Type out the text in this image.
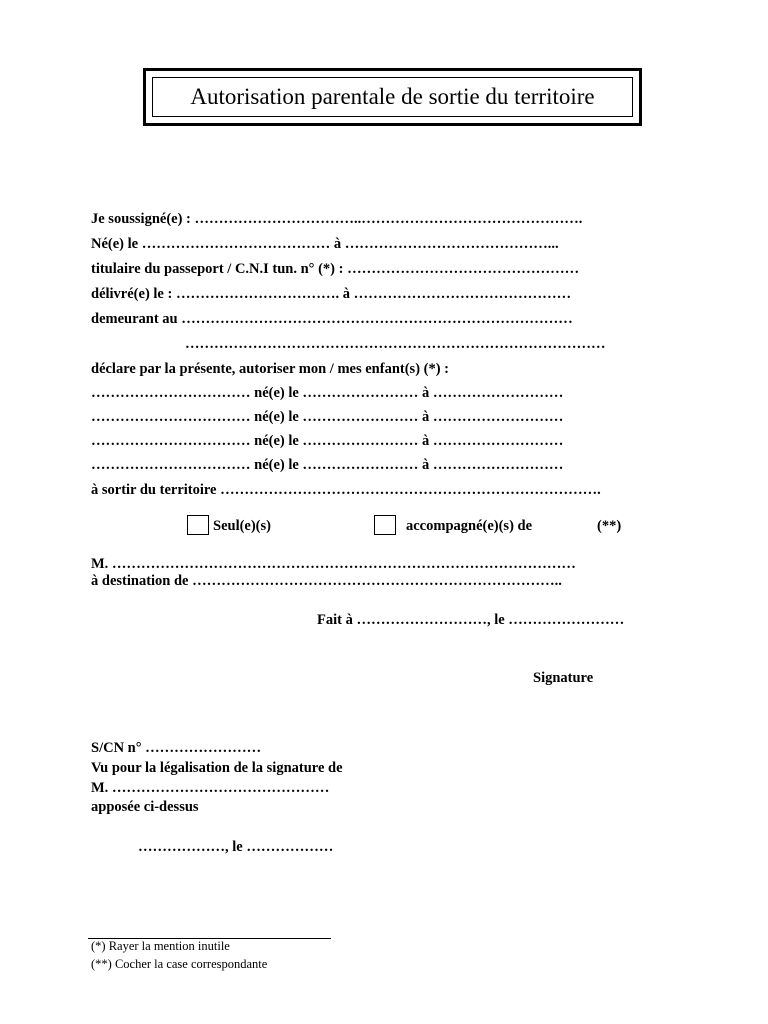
Autorisation parentale de sortie du territoire
Je soussigné(e) : ……………………………..……………………………………….
Né(e) le ………………………………… à ……………………………………...
titulaire du passeport / C.N.I tun. n° (*) : …………………………………………
délivré(e) le : ……………………………. à ………………………………………
demeurant au ………………………………………………………………………
……………………………………………………………………………
déclare par la présente, autoriser mon / mes enfant(s) (*) :
…………………………… né(e) le …………………… à ………………………
…………………………… né(e) le …………………… à ………………………
…………………………… né(e) le …………………… à ………………………
…………………………… né(e) le …………………… à ………………………
à sortir du territoire …………………………………………………………………….
Seul(e)(s)	accompagné(e)(s) de	(**)
M. ……………………………………………………………………………………
à destination de …………………………………………………………………..
Fait à ………………………, le ……………………
Signature
S/CN n° ……………………
Vu pour la légalisation de la signature de
M. ………………………………………
apposée ci-dessus
………………, le ………………
(*) Rayer la mention inutile
(**) Cocher la case correspondante
